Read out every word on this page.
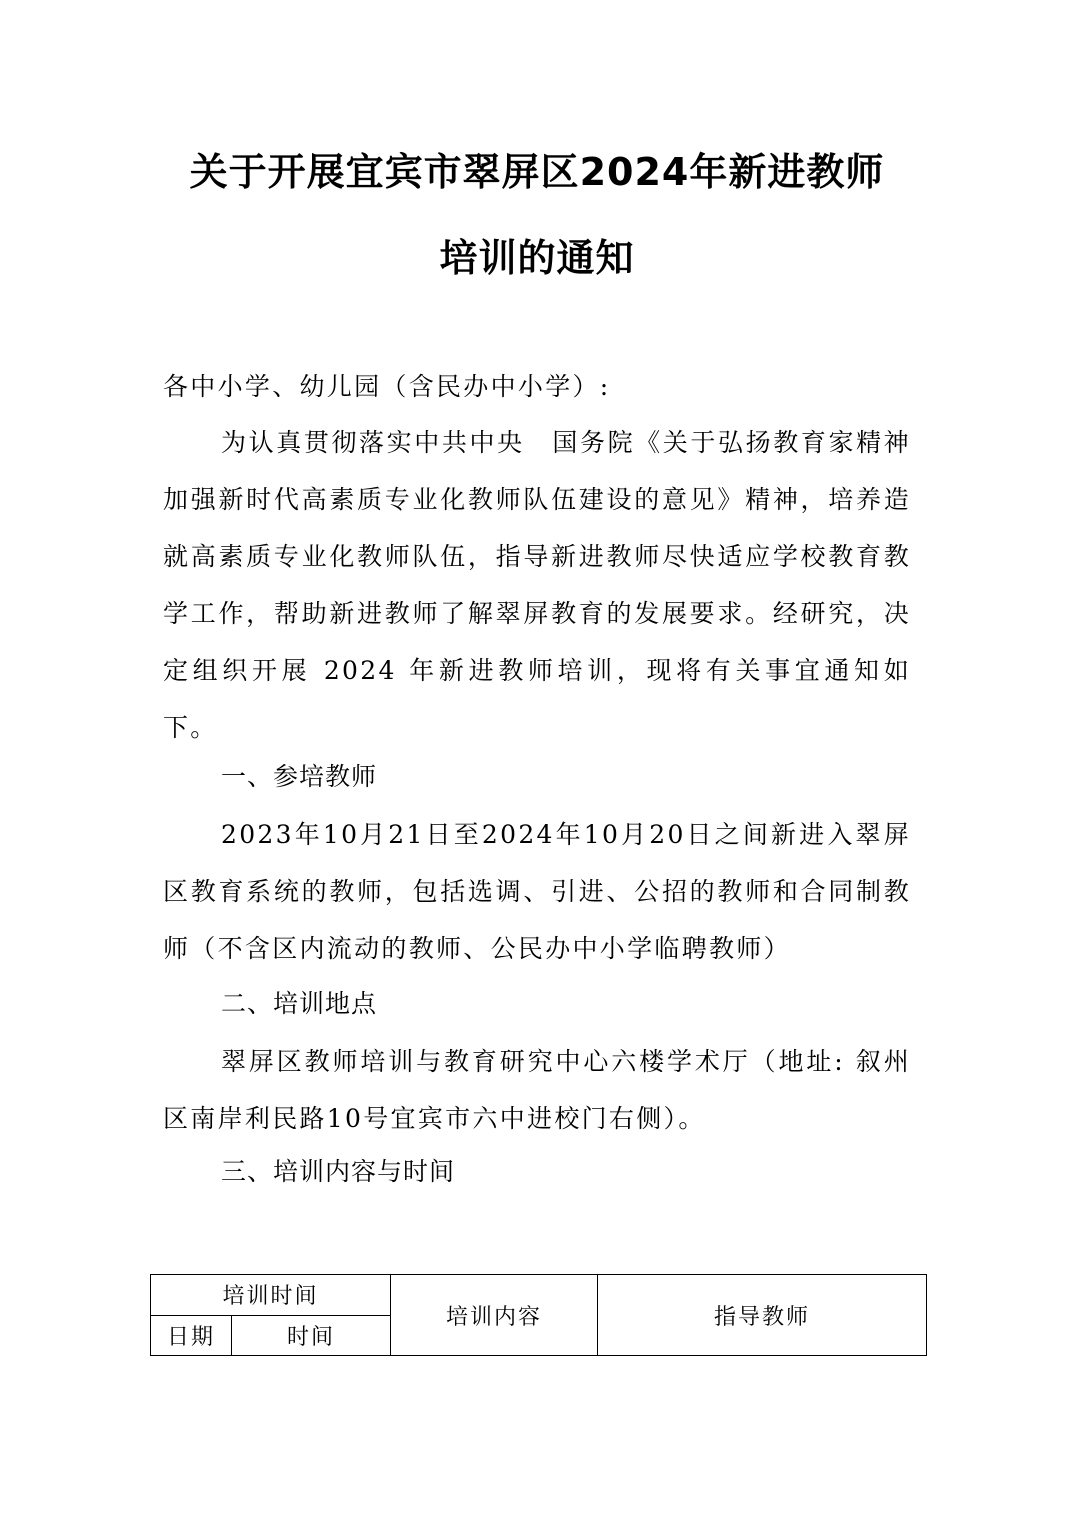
关于开展宜宾市翠屏区2024年新进教师
培训的通知
各中小学、幼儿园（含民办中小学）:
为认真贯彻落实中共中央　国务院《关于弘扬教育家精神加强新时代高素质专业化教师队伍建设的意见》精神，培养造就高素质专业化教师队伍，指导新进教师尽快适应学校教育教学工作，帮助新进教师了解翠屏教育的发展要求。经研究，决定组织开展 2024 年新进教师培训，现将有关事宜通知如下。
一、参培教师
2023年10月21日至2024年10月20日之间新进入翠屏区教育系统的教师，包括选调、引进、公招的教师和合同制教师（不含区内流动的教师、公民办中小学临聘教师）
二、培训地点
翠屏区教师培训与教育研究中心六楼学术厅（地址: 叙州区南岸利民路10号宜宾市六中进校门右侧）。
三、培训内容与时间
培训时间		培训内容	指导教师
日期	时间		
